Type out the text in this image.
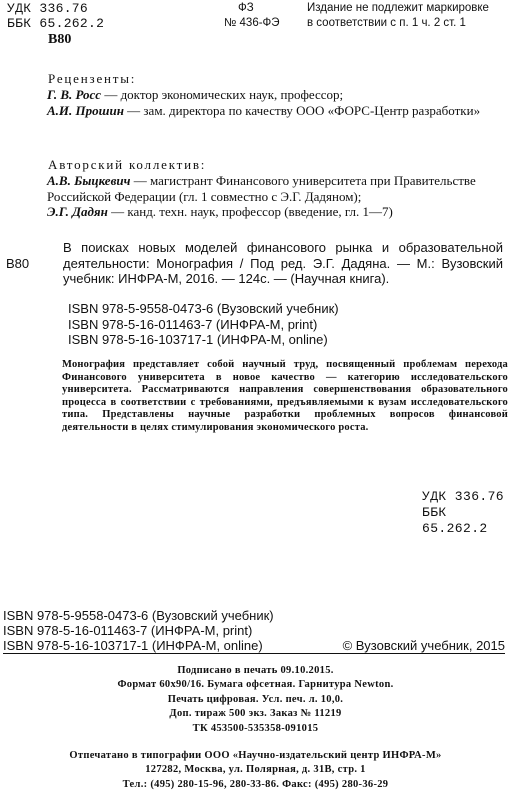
УДК 336.76
ББК 65.262.2
ФЗ
№ 436-ФЭ
Издание не подлежит маркировке
в соответствии с п. 1 ч. 2 ст. 1
В80
Рецензенты:
Г. В. Росс — доктор экономических наук, профессор;
А.И. Прошин — зам. директора по качеству ООО «ФОРС-Центр разработки»
Авторский коллектив:
А.В. Быцкевич — магистрант Финансового университета при Правительстве Российской Федерации (гл. 1 совместно с Э.Г. Дадяном);
Э.Г. Дадян — канд. техн. наук, профессор (введение, гл. 1—7)
В80
В поисках новых моделей финансового рынка и образовательной деятельности: Монография / Под ред. Э.Г. Дадяна. — М.: Вузовский учебник: ИНФРА-М, 2016. — 124с. — (Научная книга).
ISBN 978-5-9558-0473-6 (Вузовский учебник)
ISBN 978-5-16-011463-7 (ИНФРА-М, print)
ISBN 978-5-16-103717-1 (ИНФРА-М, online)
Монография представляет собой научный труд, посвященный проблемам перехода Финансового университета в новое качество — категорию исследовательского университета. Рассматриваются направления совершенствования образовательного процесса в соответствии с требованиями, предъявляемыми к вузам исследовательского типа. Представлены научные разработки проблемных вопросов финансовой деятельности в целях стимулирования экономического роста.
УДК 336.76
ББК 65.262.2
ISBN 978-5-9558-0473-6 (Вузовский учебник)
ISBN 978-5-16-011463-7 (ИНФРА-М, print)
ISBN 978-5-16-103717-1 (ИНФРА-М, online)	© Вузовский учебник, 2015
Подписано в печать 09.10.2015.
Формат 60х90/16. Бумага офсетная. Гарнитура Newton.
Печать цифровая. Усл. печ. л. 10,0.
Доп. тираж 500 экз. Заказ № 11219
ТК 453500-535358-091015
Отпечатано в типографии ООО «Научно-издательский центр ИНФРА-М»
127282, Москва, ул. Полярная, д. 31В, стр. 1
Тел.: (495) 280-15-96, 280-33-86. Факс: (495) 280-36-29
